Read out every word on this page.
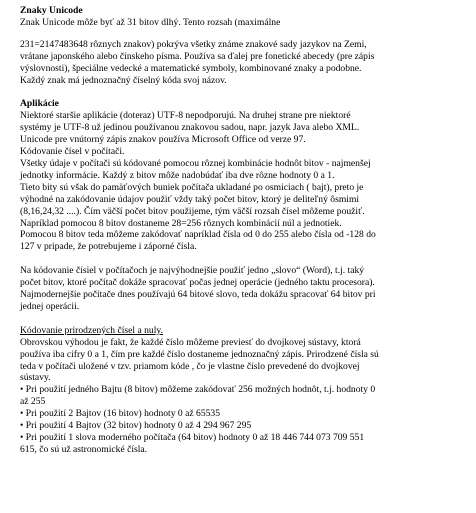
Znaky Unicode

Znak Unicode môže byť až 31 bitov dlhý. Tento rozsah (maximálne

231=2147483648 rôznych znakov) pokrýva všetky známe znakové sady jazykov na Zemi,

vrátane japonského alebo čínskeho písma. Používa sa ďalej pre fonetické abecedy (pre zápis

výslovnosti), špeciálne vedecké a matematické symboly, kombinované znaky a podobne.

Každý znak má jednoznačný číselný kóda svoj názov.

Aplikácie

Niektoré staršie aplikácie (doteraz) UTF-8 nepodporujú. Na druhej strane pre niektoré

systémy je UTF-8 už jedinou používanou znakovou sadou, napr. jazyk Java alebo XML.

Unicode pre vnútorný zápis znakov používa Microsoft Office od verze 97.

Kódovanie čísel v počítači.

Všetky údaje v počítači sú kódované pomocou rôznej kombinácie hodnôt bitov - najmenšej

jednotky informácie. Každý z bitov môže nadobúdať iba dve rôzne hodnoty 0 a 1.

Tieto bity sú však do pamäťových buniek počítača ukladané po osmiciach ( bajt), preto je

výhodné na zakódovanie údajov použiť vždy taký počet bitov, ktorý je deliteľný ôsmimi

(8,16,24,32 ....). Čím väčší počet bitov použijeme, tým väčší rozsah čísel môžeme použiť.

Napríklad pomocou 8 bitov dostaneme 28=256 rôznych kombinácií núl a jednotiek.

Pomocou 8 bitov teda môžeme zakódovať napríklad čísla od 0 do 255 alebo čísla od -128 do

127 v prípade, že potrebujeme i záporné čísla.

Na kódovanie čísiel v počítačoch je najvýhodnejšie použiť jedno „slovo“ (Word), t.j. taký

počet bitov, ktoré počítač dokáže spracovať počas jednej operácie (jedného taktu procesora).

Najmodernejšie počítače dnes používajú 64 bitové slovo, teda dokážu spracovať 64 bitov pri

jednej operácii.

Kódovanie prirodzených čísel a nuly.

Obrovskou výhodou je fakt, že každé číslo môžeme previesť do dvojkovej sústavy, ktorá

používa iba cifry 0 a 1, čím pre každé číslo dostaneme jednoznačný zápis. Prirodzené čísla sú

teda v počítači uložené v tzv. priamom kóde , čo je vlastne číslo prevedené do dvojkovej

sústavy.

• Pri použití jedného Bajtu (8 bitov) môžeme zakódovať 256 možných hodnôt, t.j. hodnoty 0

až 255

• Pri použití 2 Bajtov (16 bitov) hodnoty 0 až 65535

• Pri použití 4 Bajtov (32 bitov) hodnoty 0 až 4 294 967 295

• Pri použití 1 slova moderného počítača (64 bitov) hodnoty 0 až 18 446 744 073 709 551

615, čo sú už astronomické čísla.
